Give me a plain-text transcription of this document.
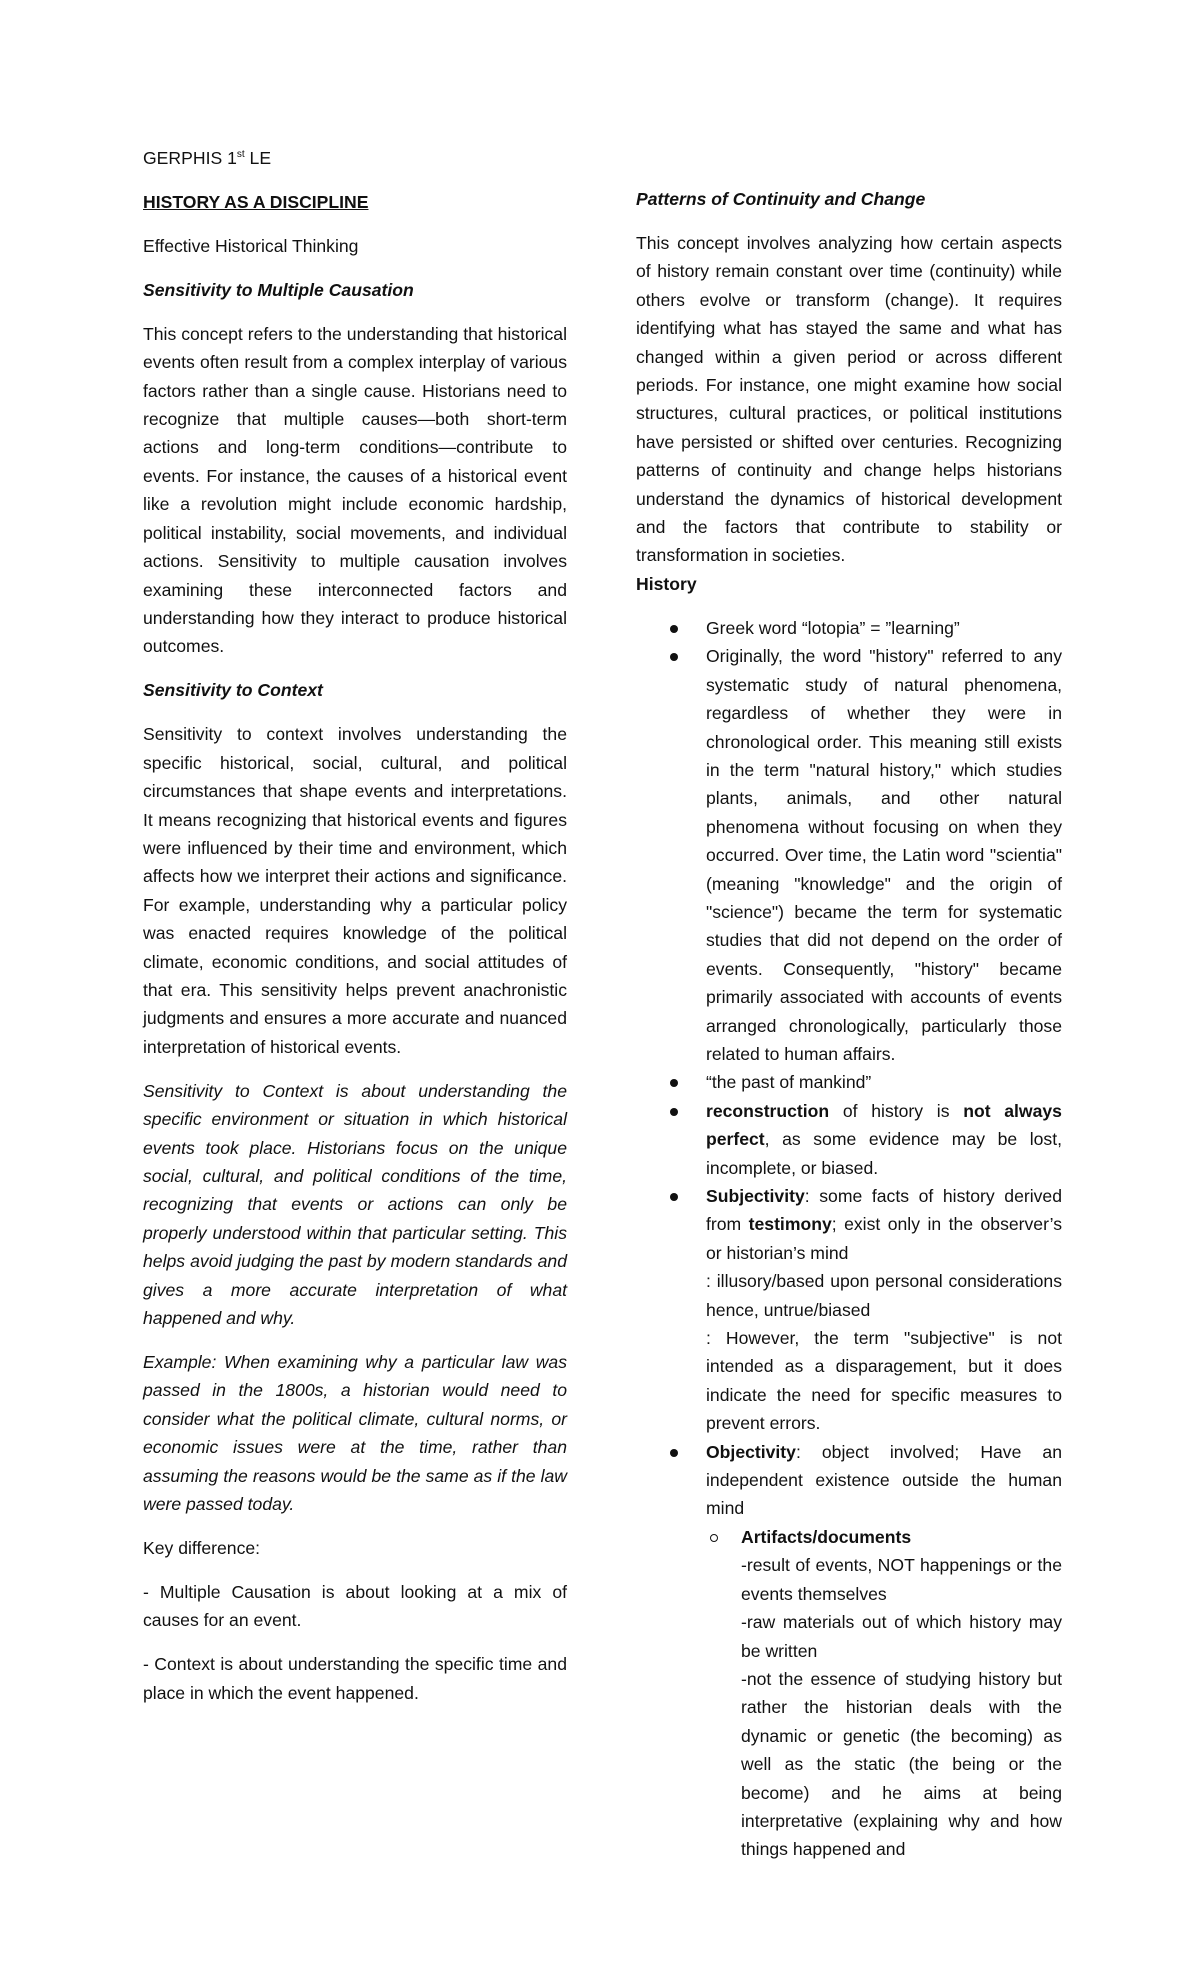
GERPHIS 1st LE

HISTORY AS A DISCIPLINE

Effective Historical Thinking

Sensitivity to Multiple Causation

This concept refers to the understanding that historical events often result from a complex interplay of various factors rather than a single cause. Historians need to recognize that multiple causes—both short-term actions and long-term conditions—contribute to events. For instance, the causes of a historical event like a revolution might include economic hardship, political instability, social movements, and individual actions. Sensitivity to multiple causation involves examining these interconnected factors and understanding how they interact to produce historical outcomes.

Sensitivity to Context

Sensitivity to context involves understanding the specific historical, social, cultural, and political circumstances that shape events and interpretations. It means recognizing that historical events and figures were influenced by their time and environment, which affects how we interpret their actions and significance. For example, understanding why a particular policy was enacted requires knowledge of the political climate, economic conditions, and social attitudes of that era. This sensitivity helps prevent anachronistic judgments and ensures a more accurate and nuanced interpretation of historical events.

Sensitivity to Context is about understanding the specific environment or situation in which historical events took place. Historians focus on the unique social, cultural, and political conditions of the time, recognizing that events or actions can only be properly understood within that particular setting. This helps avoid judging the past by modern standards and gives a more accurate interpretation of what happened and why.

Example: When examining why a particular law was passed in the 1800s, a historian would need to consider what the political climate, cultural norms, or economic issues were at the time, rather than assuming the reasons would be the same as if the law were passed today.

Key difference:

- Multiple Causation is about looking at a mix of causes for an event.

- Context is about understanding the specific time and place in which the event happened.

Patterns of Continuity and Change

This concept involves analyzing how certain aspects of history remain constant over time (continuity) while others evolve or transform (change). It requires identifying what has stayed the same and what has changed within a given period or across different periods. For instance, one might examine how social structures, cultural practices, or political institutions have persisted or shifted over centuries. Recognizing patterns of continuity and change helps historians understand the dynamics of historical development and the factors that contribute to stability or transformation in societies.

History

Greek word “lotopia” = ”learning”
Originally, the word "history" referred to any systematic study of natural phenomena, regardless of whether they were in chronological order. This meaning still exists in the term "natural history," which studies plants, animals, and other natural phenomena without focusing on when they occurred. Over time, the Latin word "scientia" (meaning "knowledge" and the origin of "science") became the term for systematic studies that did not depend on the order of events. Consequently, "history" became primarily associated with accounts of events arranged chronologically, particularly those related to human affairs.
“the past of mankind”
reconstruction of history is not always perfect, as some evidence may be lost, incomplete, or biased.
Subjectivity: some facts of history derived from testimony; exist only in the observer’s or historian’s mind
: illusory/based upon personal considerations hence, untrue/biased
: However, the term "subjective" is not intended as a disparagement, but it does indicate the need for specific measures to prevent errors.
Objectivity: object involved; Have an independent existence outside the human mind
Artifacts/documents
-result of events, NOT happenings or the events themselves
-raw materials out of which history may be written
-not the essence of studying history but rather the historian deals with the dynamic or genetic (the becoming) as well as the static (the being or the become) and he aims at being interpretative (explaining why and how things happened and
